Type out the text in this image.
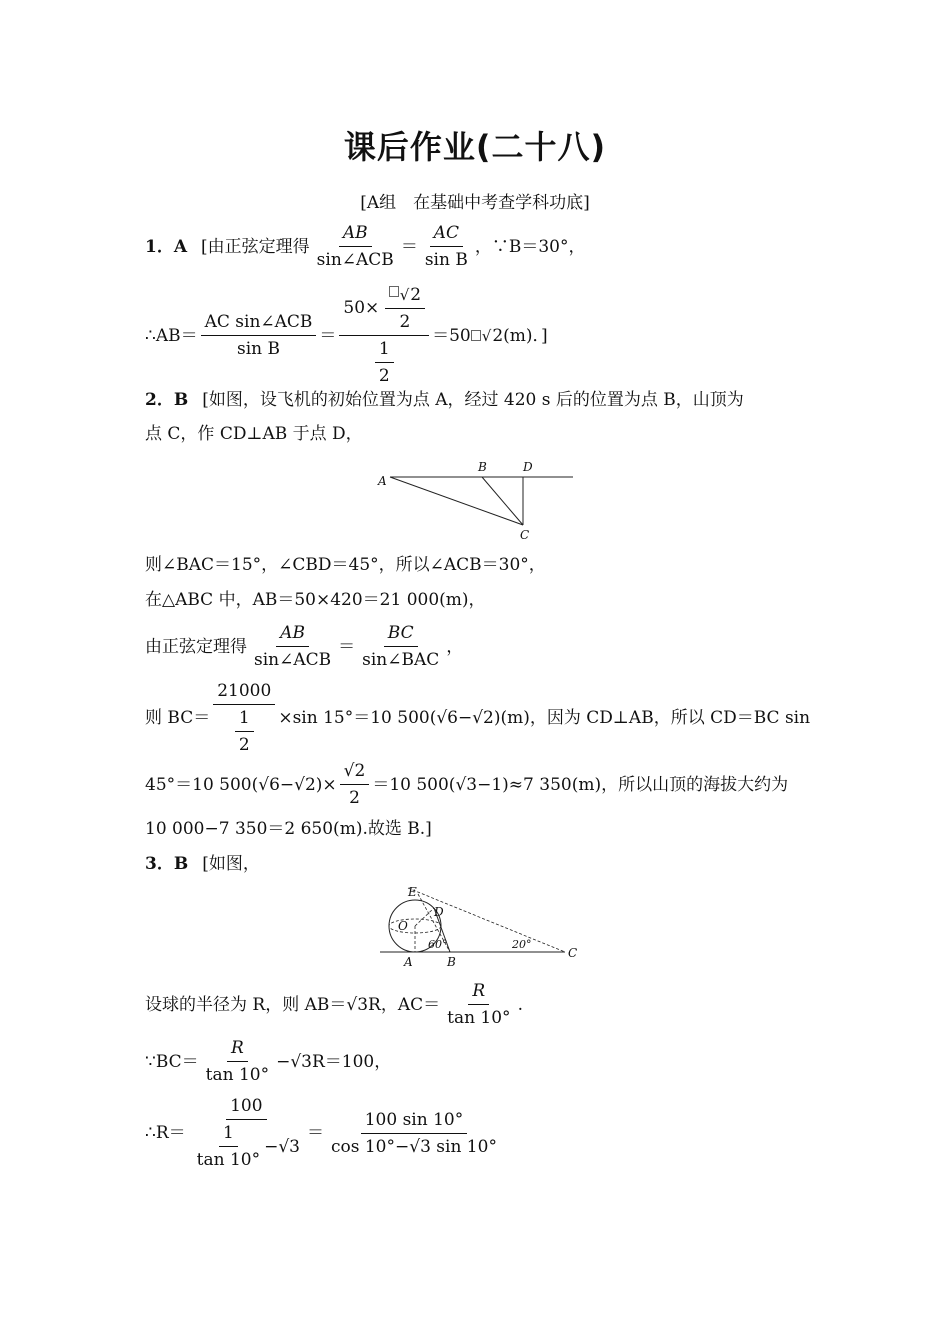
课后作业(二十八)
[A组　在基础中考查学科功底]
1．A [由正弦定理得 $\frac{AB}{\text{sin∠ACB}} = \frac{AC}{\text{sin B}}$ ，∵B＝30°，
∴AB＝ $\frac{\text{AC sin∠ACB}}{\text{sin B}} = \frac{50\times \frac{√2}{2}}{\frac{1}{2}} =50$ √ 2(m)．]
2．B [如图，设飞机的初始位置为点 A，经过 420 s 后的位置为点 B，山顶为
点 C，作 CD⊥AB 于点 D，
A
B	D
C
则∠BAC＝15°，∠CBD＝45°，所以∠ACB＝30°，
在△ABC 中，AB＝50×420＝21 000(m)，
由正弦定理得 $\frac{AB}{\text{sin∠ACB}} = \frac{BC}{\text{sin∠BAC}}$ ，
则 $BC= \frac{21000}{\frac{1}{2}} \times\sin$ 15°＝10 500(√6−√2)(m)，因为 CD⊥AB，所以 CD＝BC sin
45°＝10 $500(√6-√2)\times \frac{√2}{2} =10$ 500(√3−1)≈7 350(m)，所以山顶的海拔大约为
10 000−7 350＝2 650(m).故选 B.]
3．B [如图，
E
D
O
60°	20°
A	B
C
设球的半径为 R，则 AB＝√3R，$AC= \frac{R}{\tan 10^\circ}$ .
∵BC＝ $\frac{R}{\tan 10^\circ} -√3R=100$，
∴R＝ $\frac{100}{\frac{1}{\tan 10^\circ} -√3} = \frac{100 \sin 10^\circ}{\cos 10^\circ-√3 \sin 10^\circ}$
